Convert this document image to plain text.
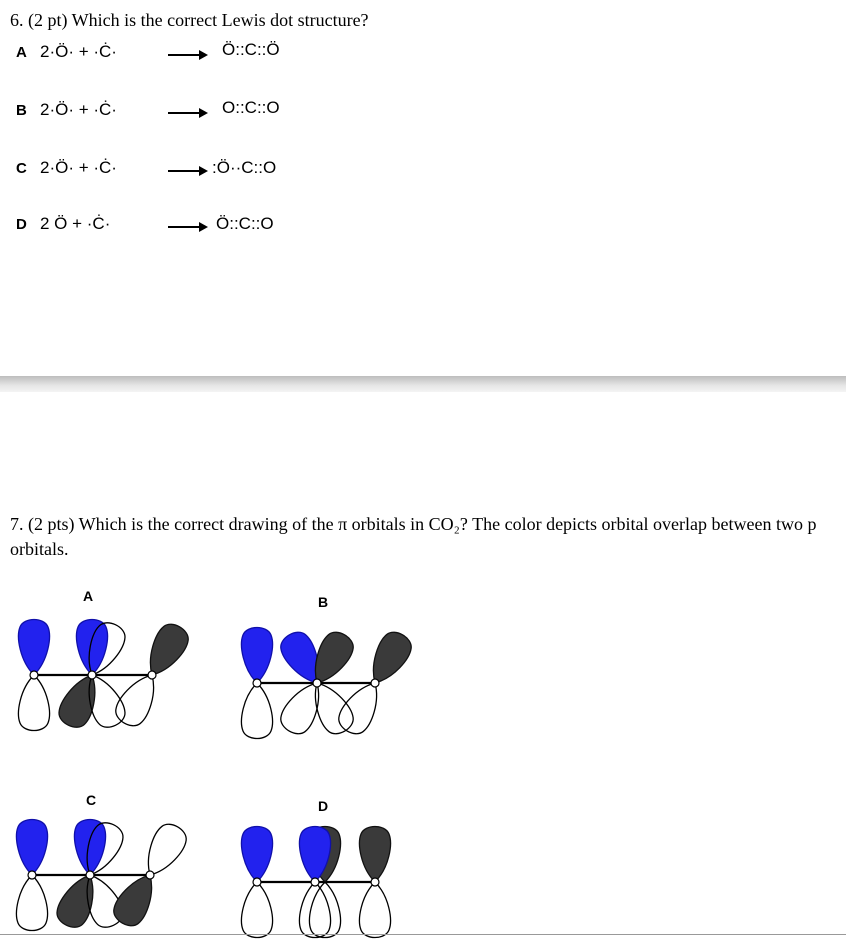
6. (2 pt) Which is the correct Lewis dot structure?
A 2·Ö· + ·Ċ·	Ö::C::Ö
B 2·Ö· + ·Ċ·	O::C::O
C 2·Ö· + ·Ċ·	:Ö··C::O
D 2 Ö + ·Ċ·	Ö::C::O
7. (2 pts) Which is the correct drawing of the π orbitals in CO₂? The color depicts orbital overlap between two p orbitals.
A	B
C	D
